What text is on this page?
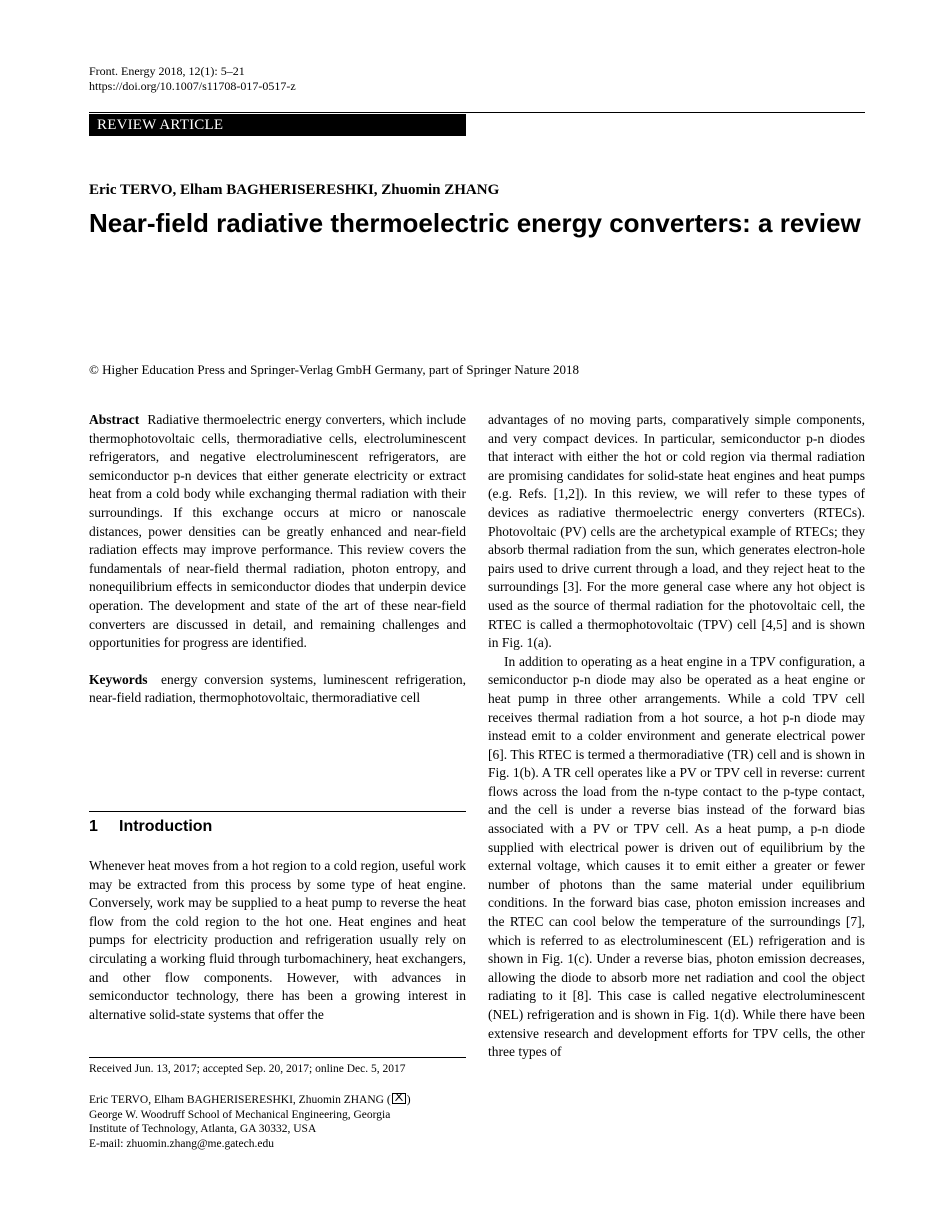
Front. Energy 2018, 12(1): 5–21
https://doi.org/10.1007/s11708-017-0517-z
REVIEW ARTICLE
Eric TERVO, Elham BAGHERISERESHKI, Zhuomin ZHANG
Near-field radiative thermoelectric energy converters: a review
© Higher Education Press and Springer-Verlag GmbH Germany, part of Springer Nature 2018

Abstract Radiative thermoelectric energy converters, which include thermophotovoltaic cells, thermoradiative cells, electroluminescent refrigerators, and negative electroluminescent refrigerators, are semiconductor p-n devices that either generate electricity or extract heat from a cold body while exchanging thermal radiation with their surroundings. If this exchange occurs at micro or nanoscale distances, power densities can be greatly enhanced and near-field radiation effects may improve performance. This review covers the fundamentals of near-field thermal radiation, photon entropy, and nonequilibrium effects in semiconductor diodes that underpin device operation. The development and state of the art of these near-field converters are discussed in detail, and remaining challenges and opportunities for progress are identified.

Keywords energy conversion systems, luminescent refrigeration, near-field radiation, thermophotovoltaic, thermoradiative cell

1 Introduction

Whenever heat moves from a hot region to a cold region, useful work may be extracted from this process by some type of heat engine. Conversely, work may be supplied to a heat pump to reverse the heat flow from the cold region to the hot one. Heat engines and heat pumps for electricity production and refrigeration usually rely on circulating a working fluid through turbomachinery, heat exchangers, and other flow components. However, with advances in semiconductor technology, there has been a growing interest in alternative solid-state systems that offer the

Received Jun. 13, 2017; accepted Sep. 20, 2017; online Dec. 5, 2017
Eric TERVO, Elham BAGHERISERESHKI, Zhuomin ZHANG ( )
George W. Woodruff School of Mechanical Engineering, Georgia
Institute of Technology, Atlanta, GA 30332, USA
E-mail: zhuomin.zhang@me.gatech.edu

advantages of no moving parts, comparatively simple components, and very compact devices. In particular, semiconductor p-n diodes that interact with either the hot or cold region via thermal radiation are promising candidates for solid-state heat engines and heat pumps (e.g. Refs. [1,2]). In this review, we will refer to these types of devices as radiative thermoelectric energy converters (RTECs). Photovoltaic (PV) cells are the archetypical example of RTECs; they absorb thermal radiation from the sun, which generates electron-hole pairs used to drive current through a load, and they reject heat to the surroundings [3]. For the more general case where any hot object is used as the source of thermal radiation for the photovoltaic cell, the RTEC is called a thermophotovoltaic (TPV) cell [4,5] and is shown in Fig. 1(a).

In addition to operating as a heat engine in a TPV configuration, a semiconductor p-n diode may also be operated as a heat engine or heat pump in three other arrangements. While a cold TPV cell receives thermal radiation from a hot source, a hot p-n diode may instead emit to a colder environment and generate electrical power [6]. This RTEC is termed a thermoradiative (TR) cell and is shown in Fig. 1(b). A TR cell operates like a PV or TPV cell in reverse: current flows across the load from the n-type contact to the p-type contact, and the cell is under a reverse bias instead of the forward bias associated with a PV or TPV cell. As a heat pump, a p-n diode supplied with electrical power is driven out of equilibrium by the external voltage, which causes it to emit either a greater or fewer number of photons than the same material under equilibrium conditions. In the forward bias case, photon emission increases and the RTEC can cool below the temperature of the surroundings [7], which is referred to as electroluminescent (EL) refrigeration and is shown in Fig. 1(c). Under a reverse bias, photon emission decreases, allowing the diode to absorb more net radiation and cool the object radiating to it [8]. This case is called negative electroluminescent (NEL) refrigeration and is shown in Fig. 1(d). While there have been extensive research and development efforts for TPV cells, the other three types of
